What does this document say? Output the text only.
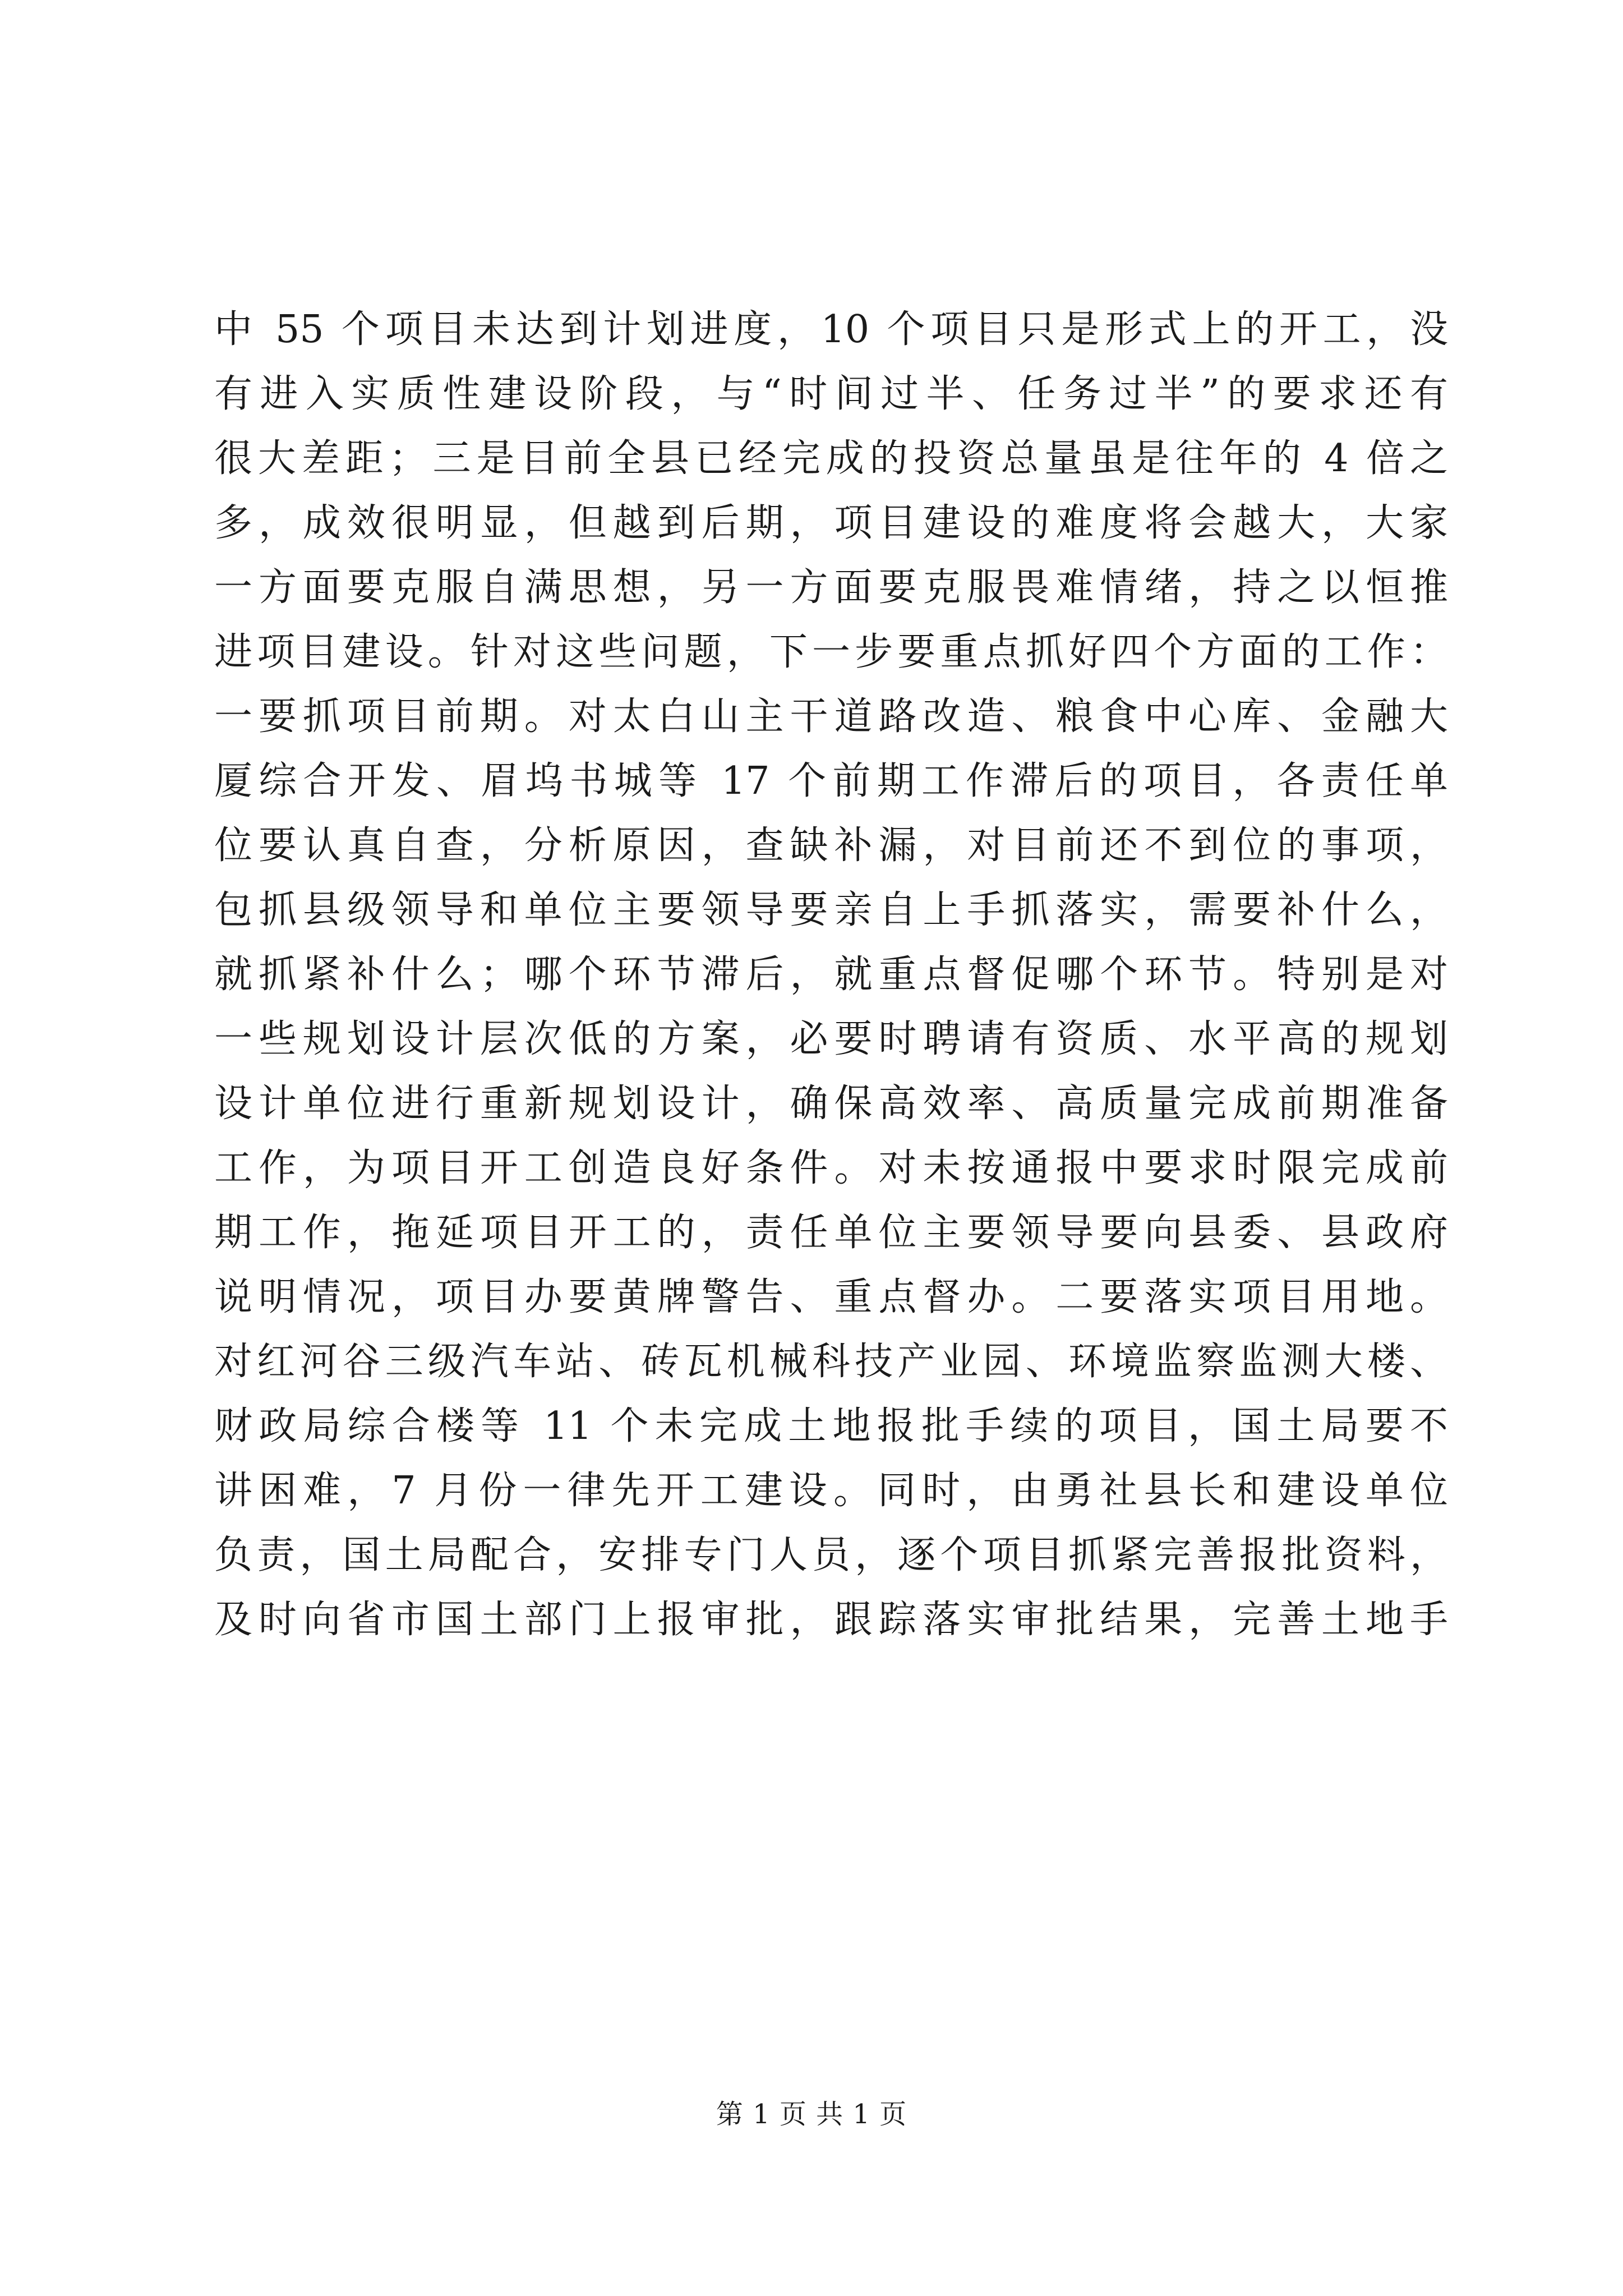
中 55 个项目未达到计划进度，10 个项目只是形式上的开工，没
有进入实质性建设阶段，与“时间过半、任务过半”的要求还有
很大差距；三是目前全县已经完成的投资总量虽是往年的 4 倍之
多，成效很明显，但越到后期，项目建设的难度将会越大，大家
一方面要克服自满思想，另一方面要克服畏难情绪，持之以恒推
进项目建设。针对这些问题，下一步要重点抓好四个方面的工作：
一要抓项目前期。对太白山主干道路改造、粮食中心库、金融大
厦综合开发、眉坞书城等 17 个前期工作滞后的项目，各责任单
位要认真自查，分析原因，查缺补漏，对目前还不到位的事项，
包抓县级领导和单位主要领导要亲自上手抓落实，需要补什么，
就抓紧补什么；哪个环节滞后，就重点督促哪个环节。特别是对
一些规划设计层次低的方案，必要时聘请有资质、水平高的规划
设计单位进行重新规划设计，确保高效率、高质量完成前期准备
工作，为项目开工创造良好条件。对未按通报中要求时限完成前
期工作，拖延项目开工的，责任单位主要领导要向县委、县政府
说明情况，项目办要黄牌警告、重点督办。二要落实项目用地。
对红河谷三级汽车站、砖瓦机械科技产业园、环境监察监测大楼、
财政局综合楼等 11 个未完成土地报批手续的项目，国土局要不
讲困难，7 月份一律先开工建设。同时，由勇社县长和建设单位
负责，国土局配合，安排专门人员，逐个项目抓紧完善报批资料，
及时向省市国土部门上报审批，跟踪落实审批结果，完善土地手
第 1 页 共 1 页
